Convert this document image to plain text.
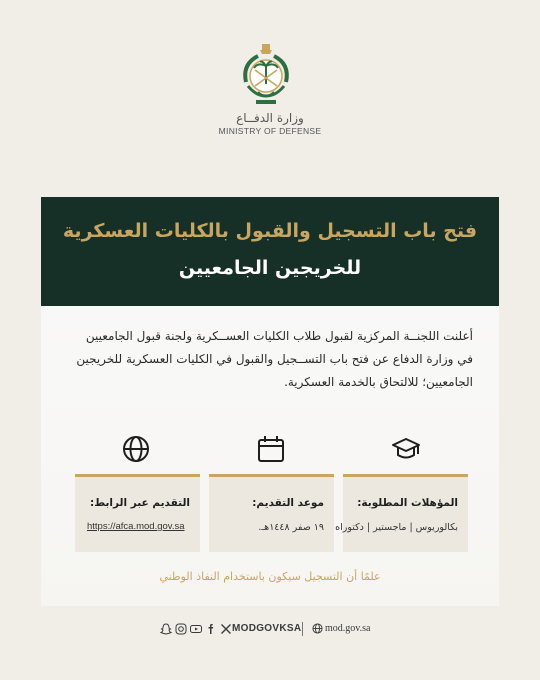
وزارة الدفــاع
MINISTRY OF DEFENSE
فتح باب التسجيل والقبول بالكليات العسكرية
للخريجين الجامعيين
أعلنت اللجنــة المركزية لقبول طلاب الكليات العســكرية ولجنة قبول الجامعيين في وزارة الدفاع عن فتح باب التســجيل والقبول في الكليات العسكرية للخريجين الجامعيين؛ للالتحاق بالخدمة العسكرية.
التقديم عبر الرابط:
https://afca.mod.gov.sa
موعد التقديم:
١٩ صفر ١٤٤٨هـ.
المؤهلات المطلوبة:
بكالوريوس | ماجستير | دكتوراه
علمًا أن التسجيل سيكون باستخدام النفاذ الوطني
MODGOVKSA mod.gov.sa
